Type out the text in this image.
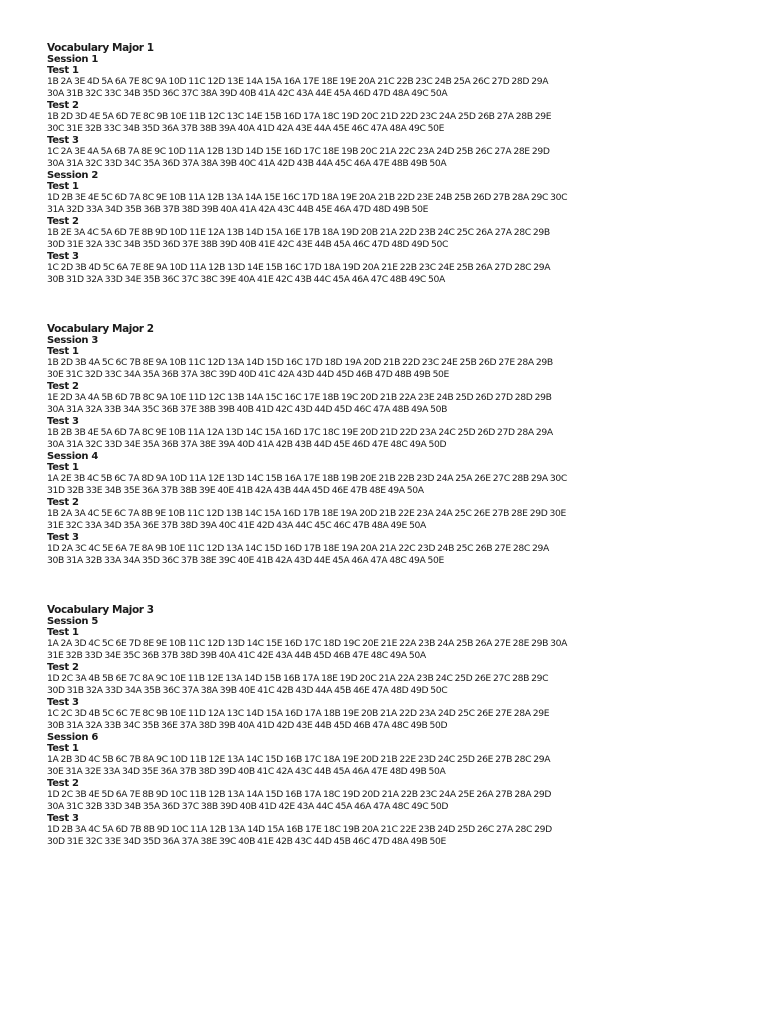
Vocabulary Major 1
Session 1
Test 1
1B 2A 3E 4D 5A 6A 7E 8C 9A 10D 11C 12D 13E 14A 15A 16A 17E 18E 19E 20A 21C 22B 23C 24B 25A 26C 27D 28D 29A
30A 31B 32C 33C 34B 35D 36C 37C 38A 39D 40B 41A 42C 43A 44E 45A 46D 47D 48A 49C 50A
Test 2
1B 2D 3D 4E 5A 6D 7E 8C 9B 10E 11B 12C 13C 14E 15B 16D 17A 18C 19D 20C 21D 22D 23C 24A 25D 26B 27A 28B 29E
30C 31E 32B 33C 34B 35D 36A 37B 38B 39A 40A 41D 42A 43E 44A 45E 46C 47A 48A 49C 50E
Test 3
1C 2A 3E 4A 5A 6B 7A 8E 9C 10D 11A 12B 13D 14D 15E 16D 17C 18E 19B 20C 21A 22C 23A 24D 25B 26C 27A 28E 29D
30A 31A 32C 33D 34C 35A 36D 37A 38A 39B 40C 41A 42D 43B 44A 45C 46A 47E 48B 49B 50A
Session 2
Test 1
1D 2B 3E 4E 5C 6D 7A 8C 9E 10B 11A 12B 13A 14A 15E 16C 17D 18A 19E 20A 21B 22D 23E 24B 25B 26D 27B 28A 29C 30C
31A 32D 33A 34D 35B 36B 37B 38D 39B 40A 41A 42A 43C 44B 45E 46A 47D 48D 49B 50E
Test 2
1B 2E 3A 4C 5A 6D 7E 8B 9D 10D 11E 12A 13B 14D 15A 16E 17B 18A 19D 20B 21A 22D 23B 24C 25C 26A 27A 28C 29B
30D 31E 32A 33C 34B 35D 36D 37E 38B 39D 40B 41E 42C 43E 44B 45A 46C 47D 48D 49D 50C
Test 3
1C 2D 3B 4D 5C 6A 7E 8E 9A 10D 11A 12B 13D 14E 15B 16C 17D 18A 19D 20A 21E 22B 23C 24E 25B 26A 27D 28C 29A
30B 31D 32A 33D 34E 35B 36C 37C 38C 39E 40A 41E 42C 43B 44C 45A 46A 47C 48B 49C 50A
Vocabulary Major 2
Session 3
Test 1
1B 2D 3B 4A 5C 6C 7B 8E 9A 10B 11C 12D 13A 14D 15D 16C 17D 18D 19A 20D 21B 22D 23C 24E 25B 26D 27E 28A 29B
30E 31C 32D 33C 34A 35A 36B 37A 38C 39D 40D 41C 42A 43D 44D 45D 46B 47D 48B 49B 50E
Test 2
1E 2D 3A 4A 5B 6D 7B 8C 9A 10E 11D 12C 13B 14A 15C 16C 17E 18B 19C 20D 21B 22A 23E 24B 25D 26D 27D 28D 29B
30A 31A 32A 33B 34A 35C 36B 37E 38B 39B 40B 41D 42C 43D 44D 45D 46C 47A 48B 49A 50B
Test 3
1B 2B 3B 4E 5A 6D 7A 8C 9E 10B 11A 12A 13D 14C 15A 16D 17C 18C 19E 20D 21D 22D 23A 24C 25D 26D 27D 28A 29A
30A 31A 32C 33D 34E 35A 36B 37A 38E 39A 40D 41A 42B 43B 44D 45E 46D 47E 48C 49A 50D
Session 4
Test 1
1A 2E 3B 4C 5B 6C 7A 8D 9A 10D 11A 12E 13D 14C 15B 16A 17E 18B 19B 20E 21B 22B 23D 24A 25A 26E 27C 28B 29A 30C
31D 32B 33E 34B 35E 36A 37B 38B 39E 40E 41B 42A 43B 44A 45D 46E 47B 48E 49A 50A
Test 2
1B 2A 3A 4C 5E 6C 7A 8B 9E 10B 11C 12D 13B 14C 15A 16D 17B 18E 19A 20D 21B 22E 23A 24A 25C 26E 27B 28E 29D 30E
31E 32C 33A 34D 35A 36E 37B 38D 39A 40C 41E 42D 43A 44C 45C 46C 47B 48A 49E 50A
Test 3
1D 2A 3C 4C 5E 6A 7E 8A 9B 10E 11C 12D 13A 14C 15D 16D 17B 18E 19A 20A 21A 22C 23D 24B 25C 26B 27E 28C 29A
30B 31A 32B 33A 34A 35D 36C 37B 38E 39C 40E 41B 42A 43D 44E 45A 46A 47A 48C 49A 50E
Vocabulary Major 3
Session 5
Test 1
1A 2A 3D 4C 5C 6E 7D 8E 9E 10B 11C 12D 13D 14C 15E 16D 17C 18D 19C 20E 21E 22A 23B 24A 25B 26A 27E 28E 29B 30A
31E 32B 33D 34E 35C 36B 37B 38D 39B 40A 41C 42E 43A 44B 45D 46B 47E 48C 49A 50A
Test 2
1D 2C 3A 4B 5B 6E 7C 8A 9C 10E 11B 12E 13A 14D 15B 16B 17A 18E 19D 20C 21A 22A 23B 24C 25D 26E 27C 28B 29C
30D 31B 32A 33D 34A 35B 36C 37A 38A 39B 40E 41C 42B 43D 44A 45B 46E 47A 48D 49D 50C
Test 3
1C 2C 3D 4B 5C 6C 7E 8C 9B 10E 11D 12A 13C 14D 15A 16D 17A 18B 19E 20B 21A 22D 23A 24D 25C 26E 27E 28A 29E
30B 31A 32A 33B 34C 35B 36E 37A 38D 39B 40A 41D 42D 43E 44B 45D 46B 47A 48C 49B 50D
Session 6
Test 1
1A 2B 3D 4C 5B 6C 7B 8A 9C 10D 11B 12E 13A 14C 15D 16B 17C 18A 19E 20D 21B 22E 23D 24C 25D 26E 27B 28C 29A
30E 31A 32E 33A 34D 35E 36A 37B 38D 39D 40B 41C 42A 43C 44B 45A 46A 47E 48D 49B 50A
Test 2
1D 2C 3B 4E 5D 6A 7E 8B 9D 10C 11B 12B 13A 14A 15D 16B 17A 18C 19D 20D 21A 22B 23C 24A 25E 26A 27B 28A 29D
30A 31C 32B 33D 34B 35A 36D 37C 38B 39D 40B 41D 42E 43A 44C 45A 46A 47A 48C 49C 50D
Test 3
1D 2B 3A 4C 5A 6D 7B 8B 9D 10C 11A 12B 13A 14D 15A 16B 17E 18C 19B 20A 21C 22E 23B 24D 25D 26C 27A 28C 29D
30D 31E 32C 33E 34D 35D 36A 37A 38E 39C 40B 41E 42B 43C 44D 45B 46C 47D 48A 49B 50E
